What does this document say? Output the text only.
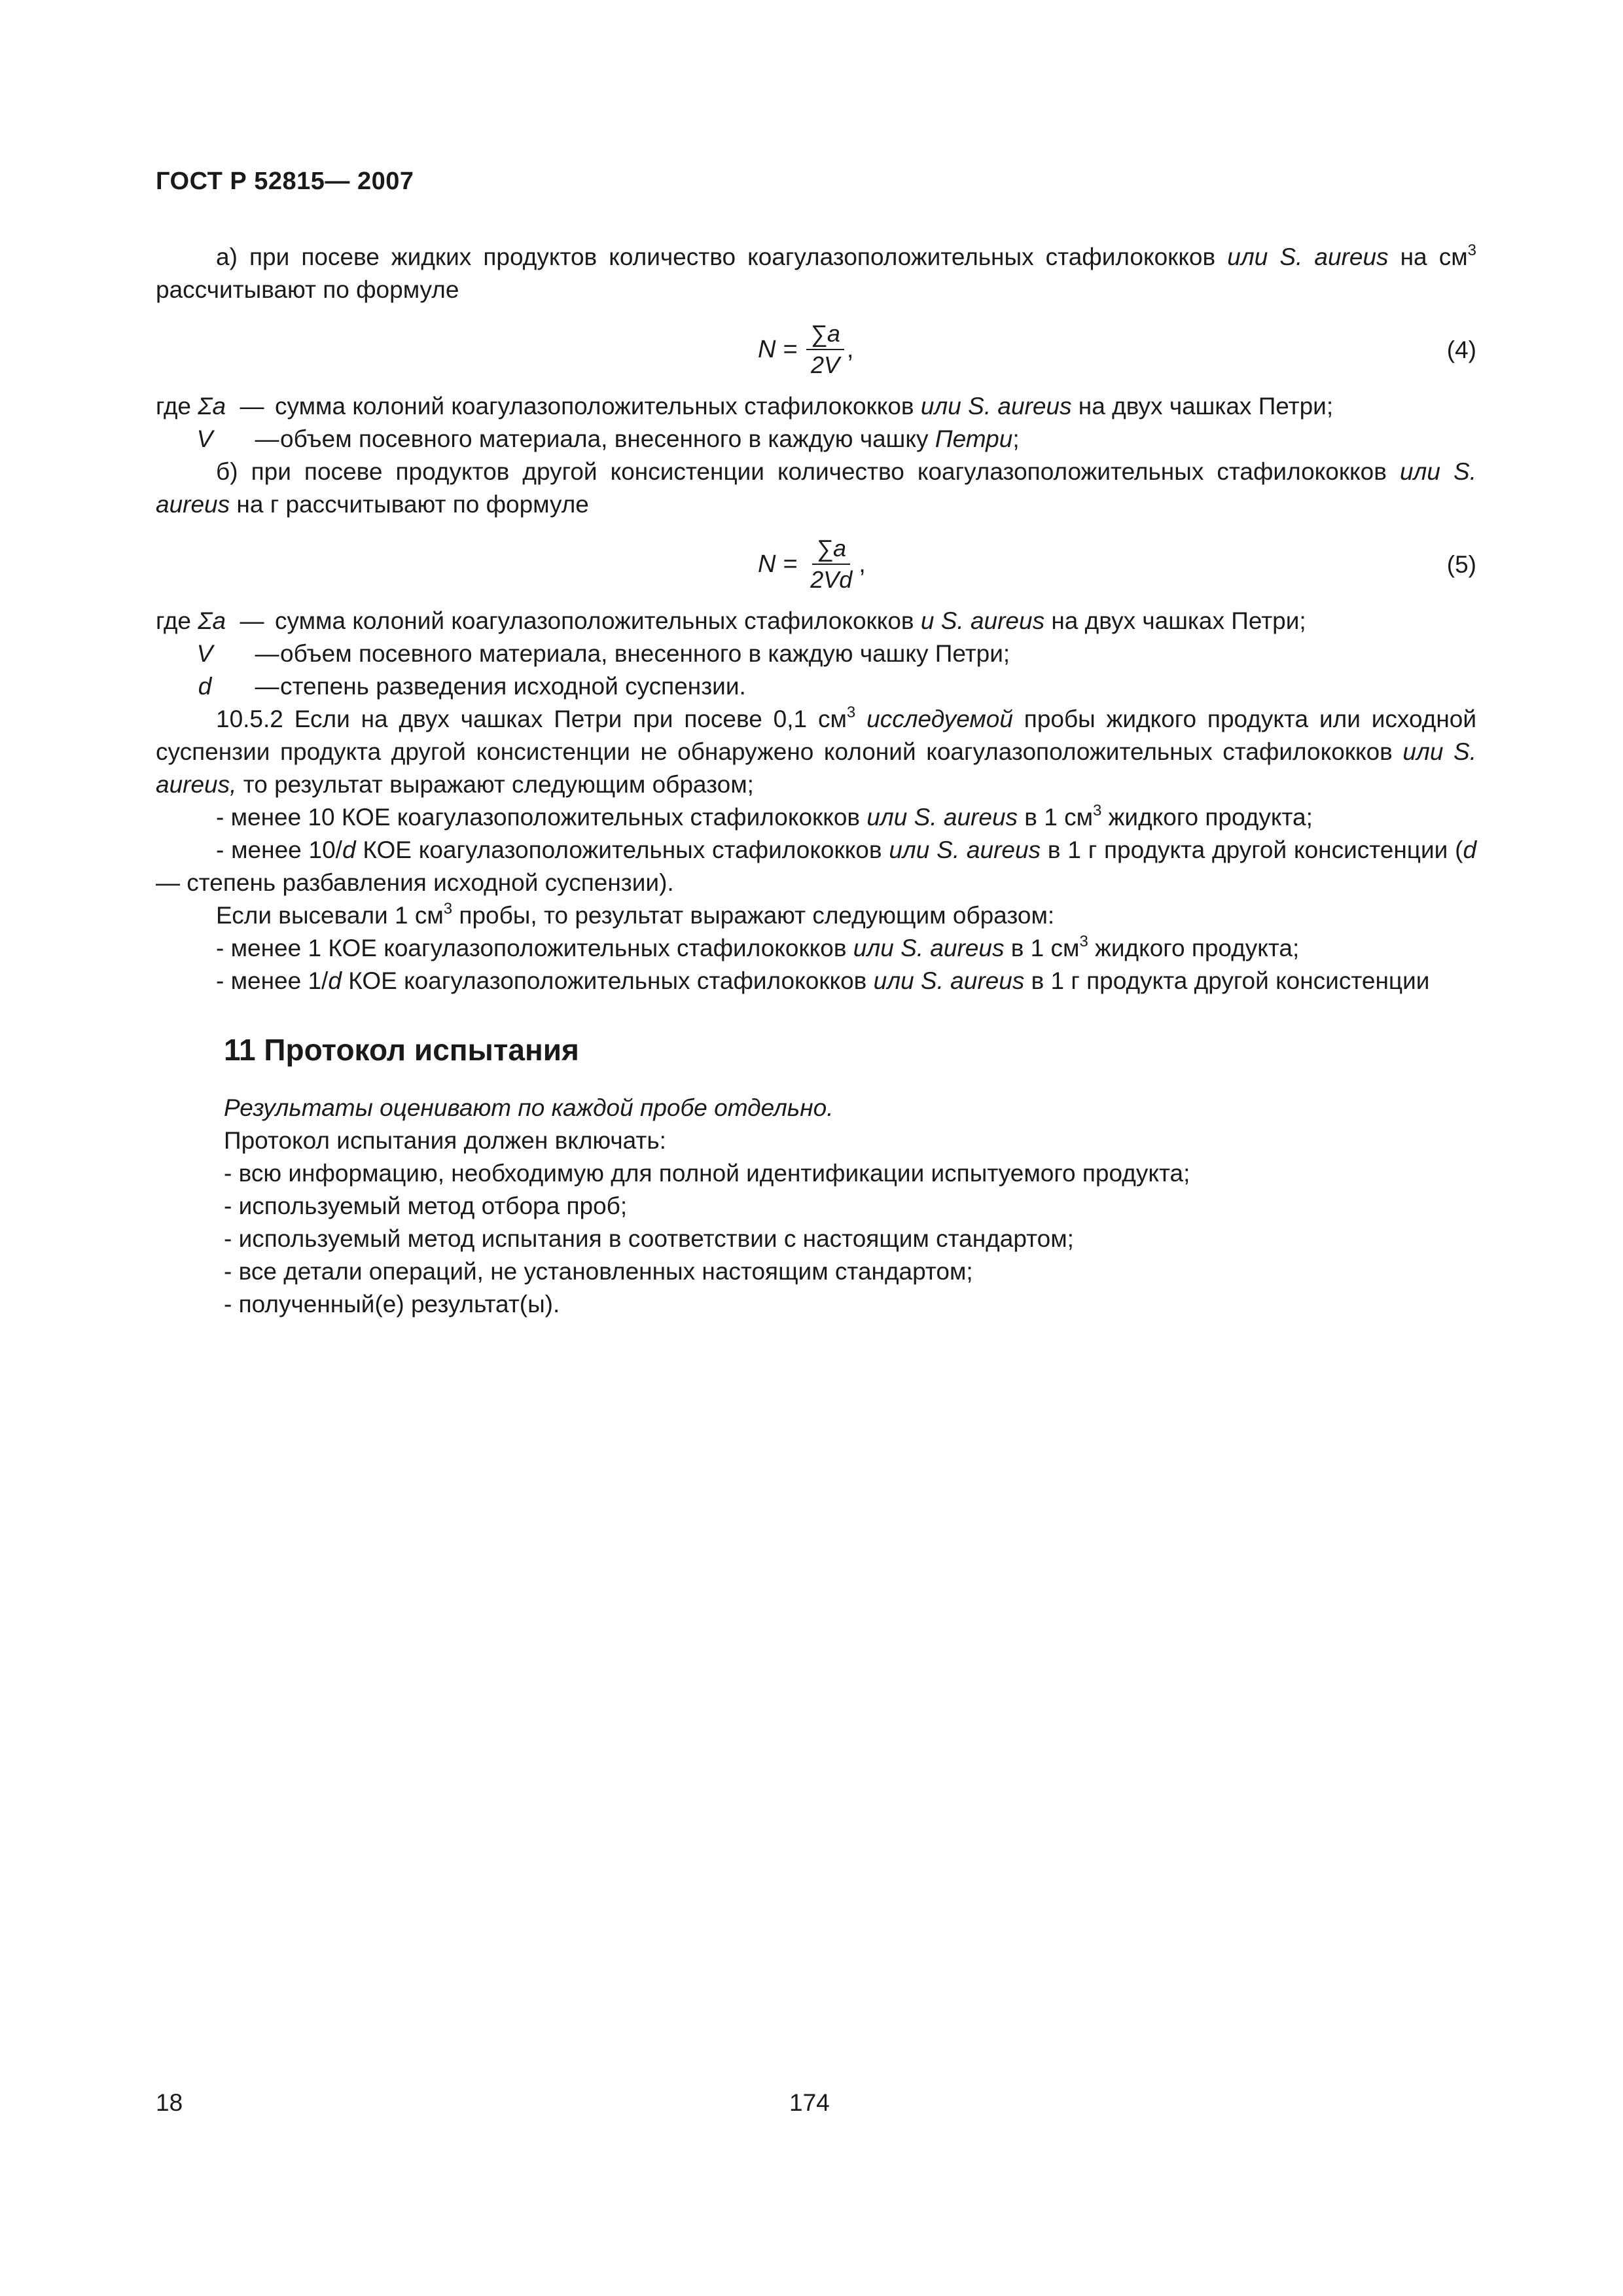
ГОСТ Р 52815— 2007
а) при посеве жидких продуктов количество коагулазоположительных стафилококков или S. aureus на $см^3$ рассчитывают по формуле
$N = \frac{\sum a}{2V}$ ,	(4)
где Σa — сумма колоний коагулазоположительных стафилококков или S. aureus на двух чашках Петри;
V	— объем посевного материала, внесенного в каждую чашку Петри;
б) при посеве продуктов другой консистенции количество коагулазоположительных стафилококков или S. aureus на г рассчитывают по формуле
$N = \frac{\sum a}{2Vd}$ ,	(5)
где Σa — сумма колоний коагулазоположительных стафилококков и S. aureus на двух чашках Петри;
V	— объем посевного материала, внесенного в каждую чашку Петри;
d	— степень разведения исходной суспензии.
10.5.2 Если на двух чашках Петри при посеве 0,1 $см^3$ исследуемой пробы жидкого продукта или исходной суспензии продукта другой консистенции не обнаружено колоний коагулазоположительных стафилококков или S. aureus, то результат выражают следующим образом;
- менее 10 КОЕ коагулазоположительных стафилококков или S. aureus в 1 $см^3$ жидкого продукта;
- менее 10/d КОЕ коагулазоположительных стафилококков или S. aureus в 1 г продукта другой консистенции (d — степень разбавления исходной суспензии).
Если высевали 1 $см^3$ пробы, то результат выражают следующим образом:
- менее 1 КОЕ коагулазоположительных стафилококков или S. aureus в 1 $см^3$ жидкого продукта;
- менее 1/d КОЕ коагулазоположительных стафилококков или S. aureus в 1 г продукта другой консистенции
11 Протокол испытания
Результаты оценивают по каждой пробе отдельно.
Протокол испытания должен включать:
- всю информацию, необходимую для полной идентификации испытуемого продукта;
- используемый метод отбора проб;
- используемый метод испытания в соответствии с настоящим стандартом;
- все детали операций, не установленных настоящим стандартом;
- полученный(е) результат(ы).
18	174
